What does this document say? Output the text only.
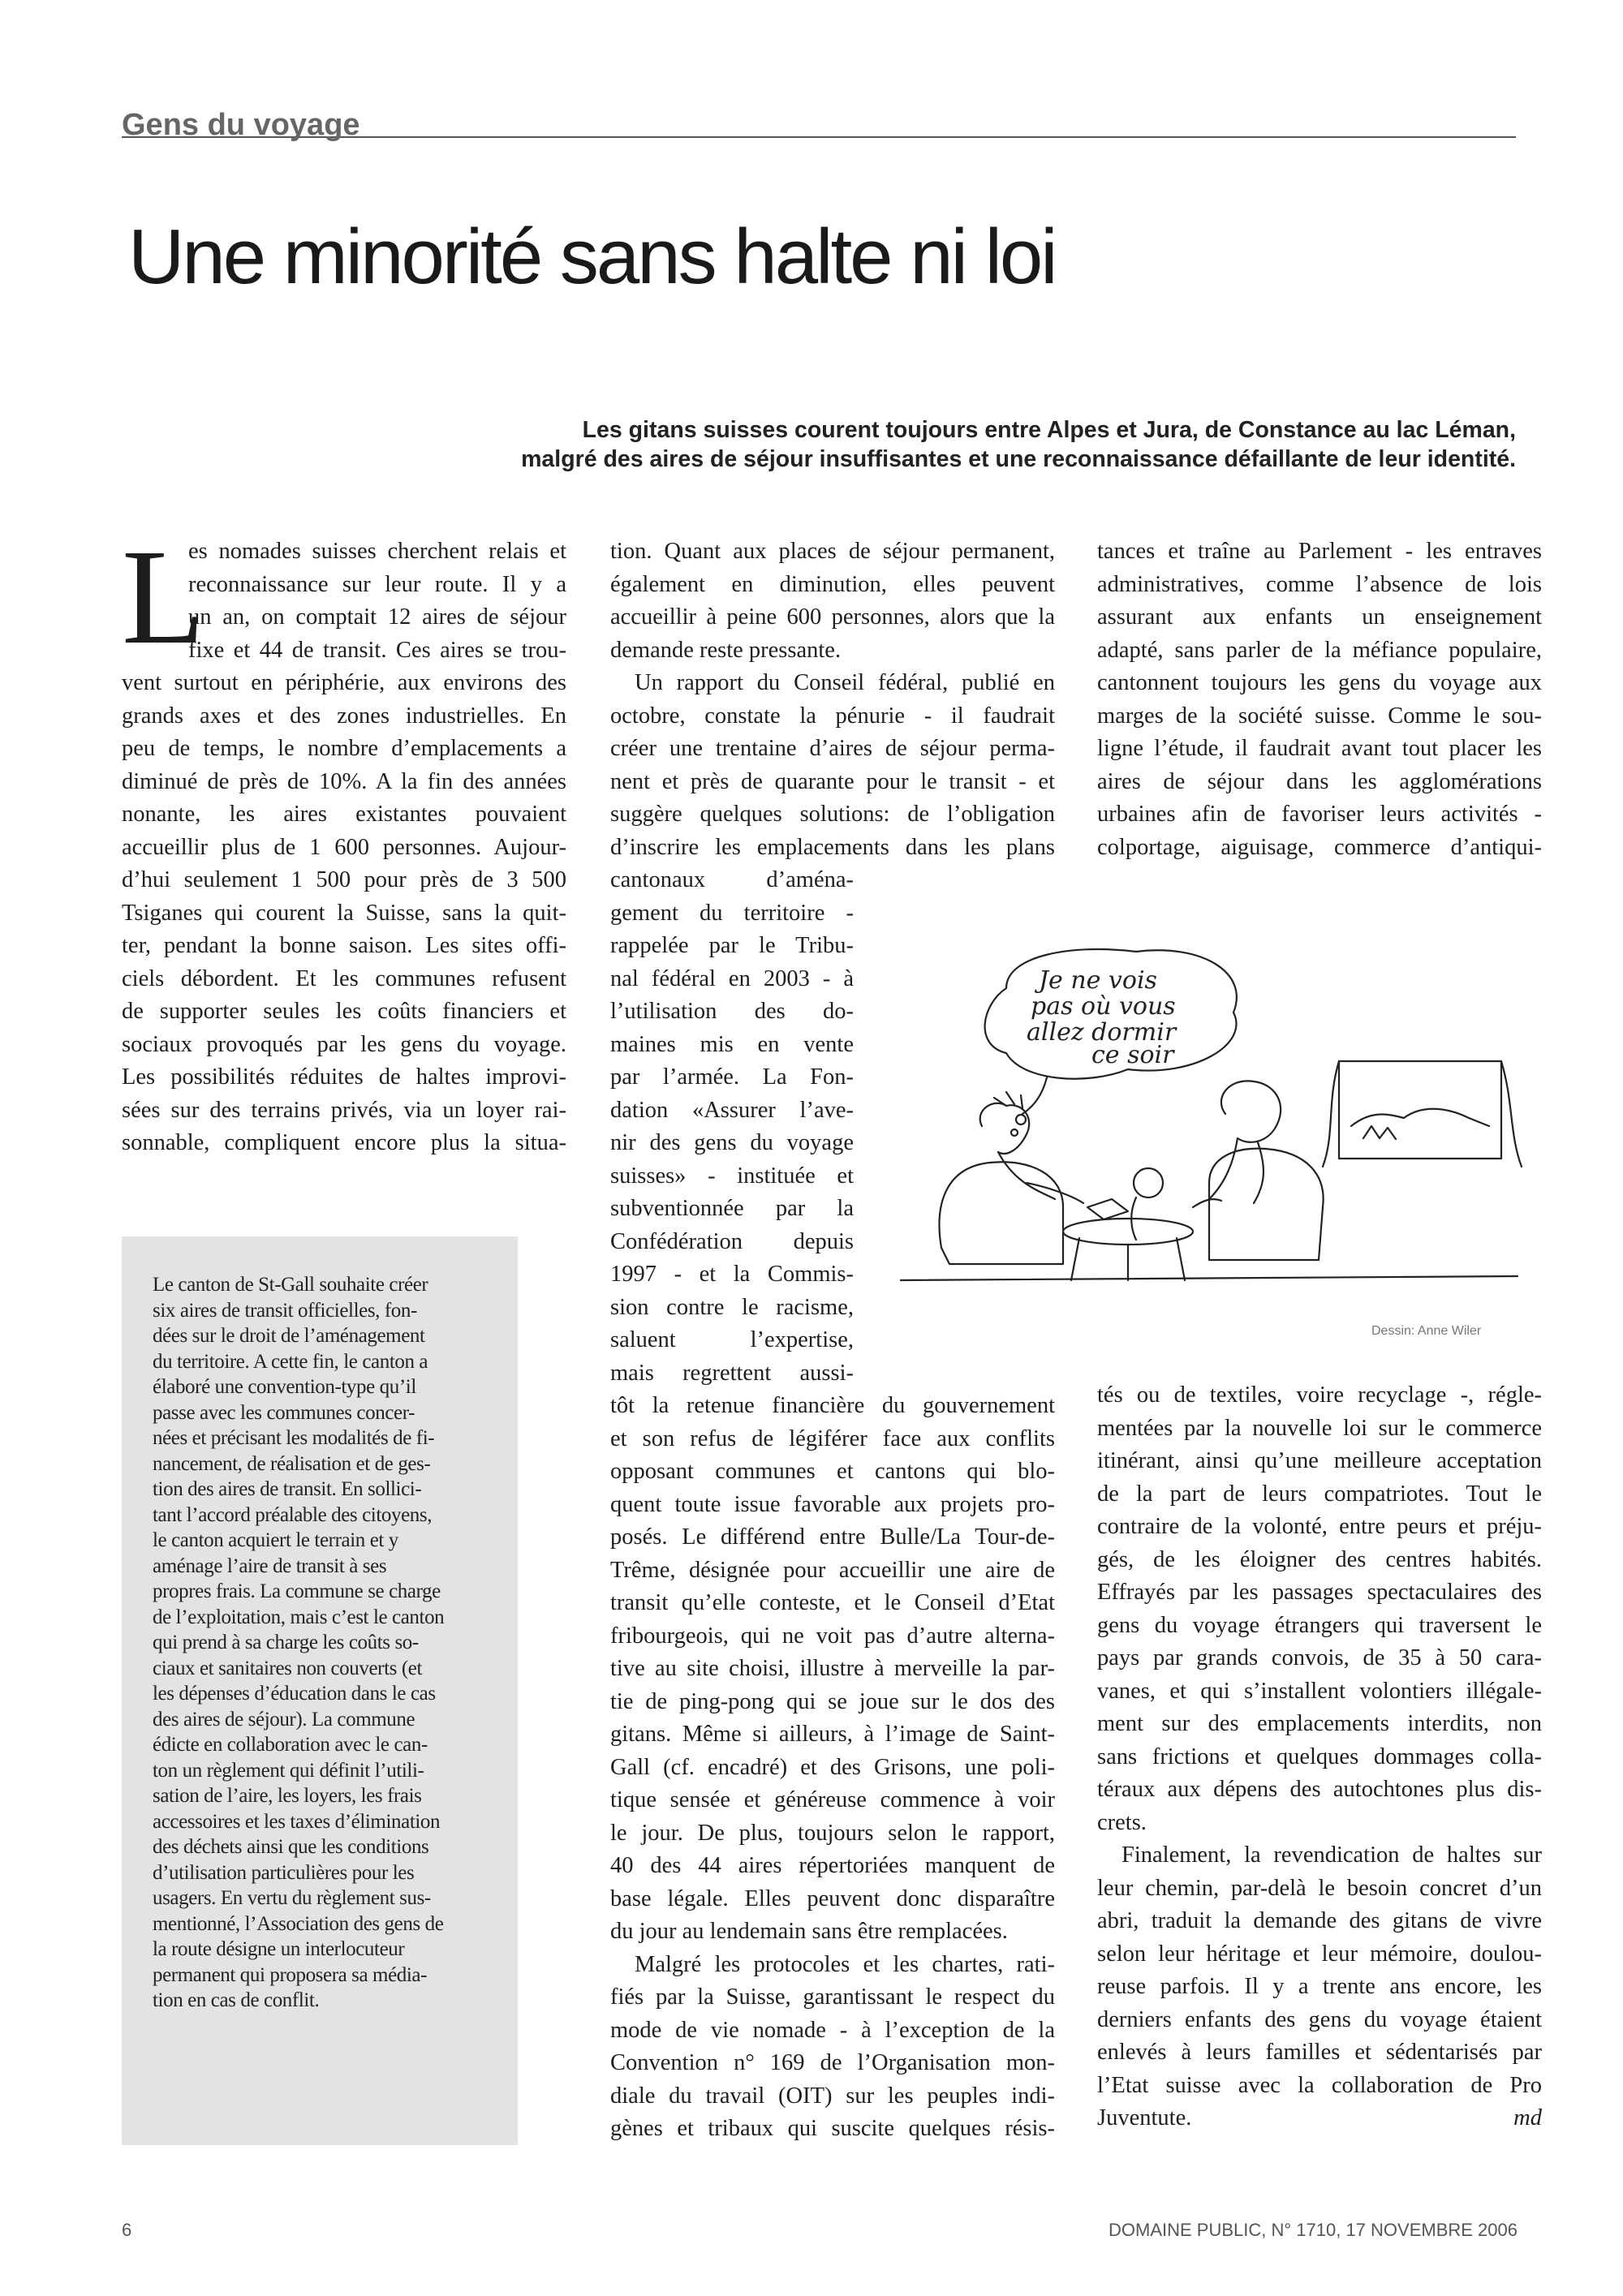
Gens du voyage
Une minorité sans halte ni loi
Les gitans suisses courent toujours entre Alpes et Jura, de Constance au lac Léman,
malgré des aires de séjour insuffisantes et une reconnaissance défaillante de leur identité.
L
es nomades suisses cherchent relais et
reconnaissance sur leur route. Il y a
un an, on comptait 12 aires de séjour
fixe et 44 de transit. Ces aires se trou-
vent surtout en périphérie, aux environs des
grands axes et des zones industrielles. En
peu de temps, le nombre d’emplacements a
diminué de près de 10%. A la fin des années
nonante, les aires existantes pouvaient
accueillir plus de 1 600 personnes. Aujour-
d’hui seulement 1 500 pour près de 3 500
Tsiganes qui courent la Suisse, sans la quit-
ter, pendant la bonne saison. Les sites offi-
ciels débordent. Et les communes refusent
de supporter seules les coûts financiers et
sociaux provoqués par les gens du voyage.
Les possibilités réduites de haltes improvi-
sées sur des terrains privés, via un loyer rai-
sonnable, compliquent encore plus la situa-
Le canton de St-Gall souhaite créer
six aires de transit officielles, fon-
dées sur le droit de l’aménagement
du territoire. A cette fin, le canton a
élaboré une convention-type qu’il
passe avec les communes concer-
nées et précisant les modalités de fi-
nancement, de réalisation et de ges-
tion des aires de transit. En sollici-
tant l’accord préalable des citoyens,
le canton acquiert le terrain et y
aménage l’aire de transit à ses
propres frais. La commune se charge
de l’exploitation, mais c’est le canton
qui prend à sa charge les coûts so-
ciaux et sanitaires non couverts (et
les dépenses d’éducation dans le cas
des aires de séjour). La commune
édicte en collaboration avec le can-
ton un règlement qui définit l’utili-
sation de l’aire, les loyers, les frais
accessoires et les taxes d’élimination
des déchets ainsi que les conditions
d’utilisation particulières pour les
usagers. En vertu du règlement sus-
mentionné, l’Association des gens de
la route désigne un interlocuteur
permanent qui proposera sa média-
tion en cas de conflit.
tion. Quant aux places de séjour permanent,
également en diminution, elles peuvent
accueillir à peine 600 personnes, alors que la
demande reste pressante.
Un rapport du Conseil fédéral, publié en
octobre, constate la pénurie - il faudrait
créer une trentaine d’aires de séjour perma-
nent et près de quarante pour le transit - et
suggère quelques solutions: de l’obligation
d’inscrire les emplacements dans les plans
cantonaux d’aména-
gement du territoire -
rappelée par le Tribu-
nal fédéral en 2003 - à
l’utilisation des do-
maines mis en vente
par l’armée. La Fon-
dation «Assurer l’ave-
nir des gens du voyage
suisses» - instituée et
subventionnée par la
Confédération depuis
1997 - et la Commis-
sion contre le racisme,
saluent l’expertise,
mais regrettent aussi-
tôt la retenue financière du gouvernement
et son refus de légiférer face aux conflits
opposant communes et cantons qui blo-
quent toute issue favorable aux projets pro-
posés. Le différend entre Bulle/La Tour-de-
Trême, désignée pour accueillir une aire de
transit qu’elle conteste, et le Conseil d’Etat
fribourgeois, qui ne voit pas d’autre alterna-
tive au site choisi, illustre à merveille la par-
tie de ping-pong qui se joue sur le dos des
gitans. Même si ailleurs, à l’image de Saint-
Gall (cf. encadré) et des Grisons, une poli-
tique sensée et généreuse commence à voir
le jour. De plus, toujours selon le rapport,
40 des 44 aires répertoriées manquent de
base légale. Elles peuvent donc disparaître
du jour au lendemain sans être remplacées.
Malgré les protocoles et les chartes, rati-
fiés par la Suisse, garantissant le respect du
mode de vie nomade - à l’exception de la
Convention n° 169 de l’Organisation mon-
diale du travail (OIT) sur les peuples indi-
gènes et tribaux qui suscite quelques résis-
tances et traîne au Parlement - les entraves
administratives, comme l’absence de lois
assurant aux enfants un enseignement
adapté, sans parler de la méfiance populaire,
cantonnent toujours les gens du voyage aux
marges de la société suisse. Comme le sou-
ligne l’étude, il faudrait avant tout placer les
aires de séjour dans les agglomérations
urbaines afin de favoriser leurs activités -
colportage, aiguisage, commerce d’antiqui-
tés ou de textiles, voire recyclage -, régle-
mentées par la nouvelle loi sur le commerce
itinérant, ainsi qu’une meilleure acceptation
de la part de leurs compatriotes. Tout le
contraire de la volonté, entre peurs et préju-
gés, de les éloigner des centres habités.
Effrayés par les passages spectaculaires des
gens du voyage étrangers qui traversent le
pays par grands convois, de 35 à 50 cara-
vanes, et qui s’installent volontiers illégale-
ment sur des emplacements interdits, non
sans frictions et quelques dommages colla-
téraux aux dépens des autochtones plus dis-
crets.
Finalement, la revendication de haltes sur
leur chemin, par-delà le besoin concret d’un
abri, traduit la demande des gitans de vivre
selon leur héritage et leur mémoire, doulou-
reuse parfois. Il y a trente ans encore, les
derniers enfants des gens du voyage étaient
enlevés à leurs familles et sédentarisés par
l’Etat suisse avec la collaboration de Pro
Juventute.	md
Je ne vois
pas où vous
allez dormir
ce soir
Dessin: Anne Wiler
6	DOMAINE PUBLIC, N° 1710, 17 NOVEMBRE 2006
